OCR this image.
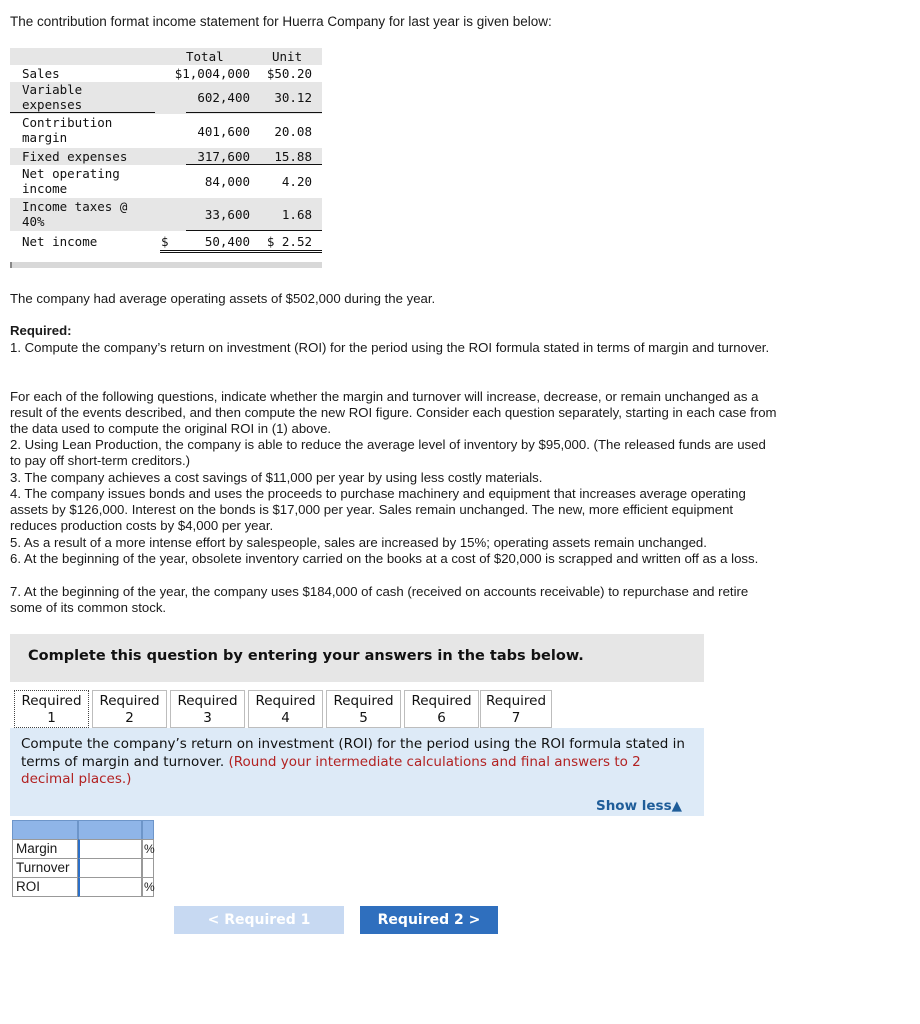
The contribution format income statement for Huerra Company for last year is given below:
Total	Unit
Sales	$1,004,000 $50.20
Variable expenses	602,400 30.12
Contribution margin	401,600 20.08
Fixed expenses	317,600 15.88
Net operating income	84,000	4.20
Income taxes @ 40%	33,600	1.68
Net income	$	50,400 $ 2.52
The company had average operating assets of $502,000 during the year.
Required:
1. Compute the company’s return on investment (ROI) for the period using the ROI formula stated in terms of margin and turnover.
For each of the following questions, indicate whether the margin and turnover will increase, decrease, or remain unchanged as a result of the events described, and then compute the new ROI figure. Consider each question separately, starting in each case from the data used to compute the original ROI in (1) above.
2. Using Lean Production, the company is able to reduce the average level of inventory by $95,000. (The released funds are used to pay off short-term creditors.)
3. The company achieves a cost savings of $11,000 per year by using less costly materials.
4. The company issues bonds and uses the proceeds to purchase machinery and equipment that increases average operating assets by $126,000. Interest on the bonds is $17,000 per year. Sales remain unchanged. The new, more efficient equipment reduces production costs by $4,000 per year.
5. As a result of a more intense effort by salespeople, sales are increased by 15%; operating assets remain unchanged.
6. At the beginning of the year, obsolete inventory carried on the books at a cost of $20,000 is scrapped and written off as a loss.
7. At the beginning of the year, the company uses $184,000 of cash (received on accounts receivable) to repurchase and retire some of its common stock.
Complete this question by entering your answers in the tabs below.
Required
1
Required
2
Required
3
Required
4
Required
5
Required
6
Required
7
Compute the company’s return on investment (ROI) for the period using the ROI formula stated in terms of margin and turnover. (Round your intermediate calculations and final answers to 2 decimal places.)
Show less▲
Margin	%
Turnover
ROI	%
< Required 1	Required 2 >
